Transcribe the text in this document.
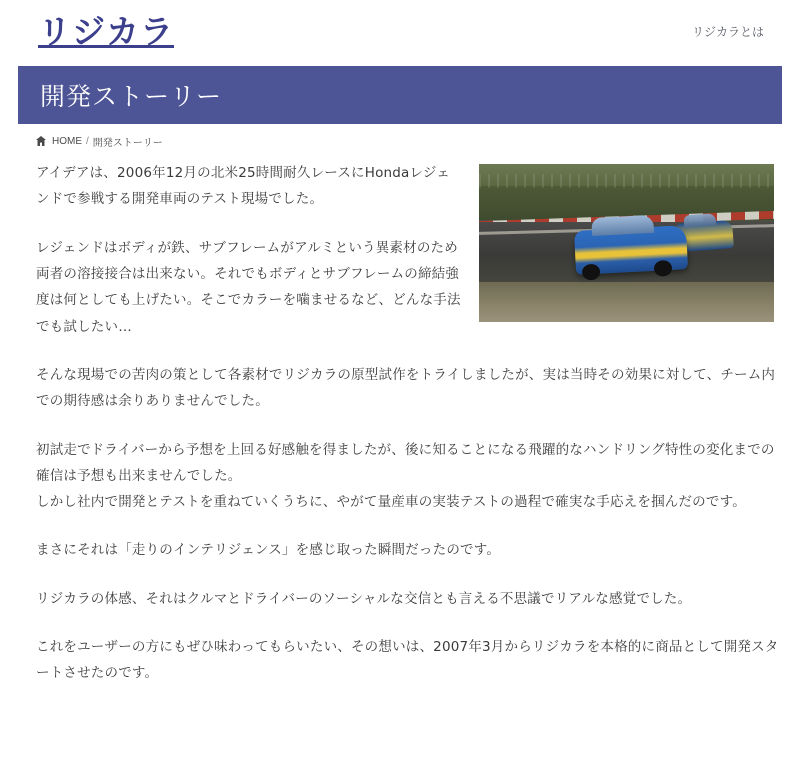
リジカラ	リジカラとは
開発ストーリー
HOME / 開発ストーリー

アイデアは、2006年12月の北米25時間耐久レースにHondaレジェンドで参戦する開発車両のテスト現場でした。

レジェンドはボディが鉄、サブフレームがアルミという異素材のため両者の溶接接合は出来ない。それでもボディとサブフレームの締結強度は何としても上げたい。そこでカラーを噛ませるなど、どんな手法でも試したい…

そんな現場での苦肉の策として各素材でリジカラの原型試作をトライしましたが、実は当時その効果に対して、チーム内での期待感は余りありませんでした。

初試走でドライバーから予想を上回る好感触を得ましたが、後に知ることになる飛躍的なハンドリング特性の変化までの確信は予想も出来ませんでした。

しかし社内で開発とテストを重ねていくうちに、やがて量産車の実装テストの過程で確実な手応えを掴んだのです。

まさにそれは「走りのインテリジェンス」を感じ取った瞬間だったのです。

リジカラの体感、それはクルマとドライバーのソーシャルな交信とも言える不思議でリアルな感覚でした。

これをユーザーの方にもぜひ味わってもらいたい、その想いは、2007年3月からリジカラを本格的に商品として開発スタートさせたのです。
